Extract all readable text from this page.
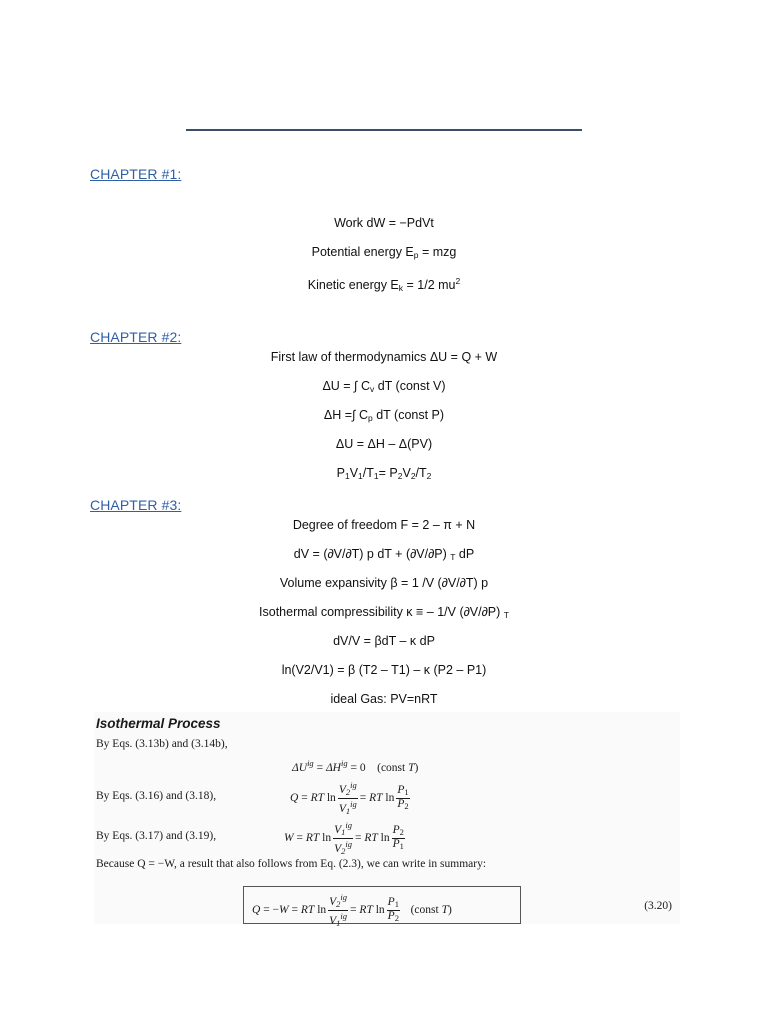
CHAPTER #1:
Work dW = −PdVt
Potential energy $E_p$ = mzg
Kinetic energy $E_k = 1/2$ $mu^2$
CHAPTER #2:
First law of thermodynamics ΔU = Q + W
ΔU = ∫ $C_v$ dT (const V)
ΔH =∫ $C_p$ dT (const P)
ΔU = ΔH – Δ(PV)
$P_1V_1/T_1= P_2V_2/T_2$
CHAPTER #3:
Degree of freedom F = 2 – π + N
dV = (∂V/∂T) p dT + (∂V/∂P) $_T$ dP
Volume expansivity β = 1 /V (∂V/∂T) p
Isothermal compressibility κ ≡ – 1/V (∂V/∂P) $_T$
dV/V = βdT – κ dP
ln(V2/V1) = β (T2 – T1) – κ (P2 – P1)
ideal Gas: PV=nRT
Isothermal Process
By Eqs. (3.13b) and (3.14b),
$\Delta U^{ig} = \Delta H^{ig} = 0$    (const T)
By Eqs. (3.16) and (3.18),	Q = RT $\ln \frac{V_2^{ig}}{V_1^{ig}}$ = RT $\ln \frac{P_1}{P_2}$
By Eqs. (3.17) and (3.19),	W = RT $\ln \frac{V_1^{ig}}{V_2^{ig}}$ = RT $\ln \frac{P_2}{P_1}$
Because Q = −W, a result that also follows from Eq. (2.3), we can write in summary:
Q = −W = RT $\ln \frac{V_2^{ig}}{V_1^{ig}}$ = RT $\ln \frac{P_1}{P_2}$ (const T)	(3.20)
